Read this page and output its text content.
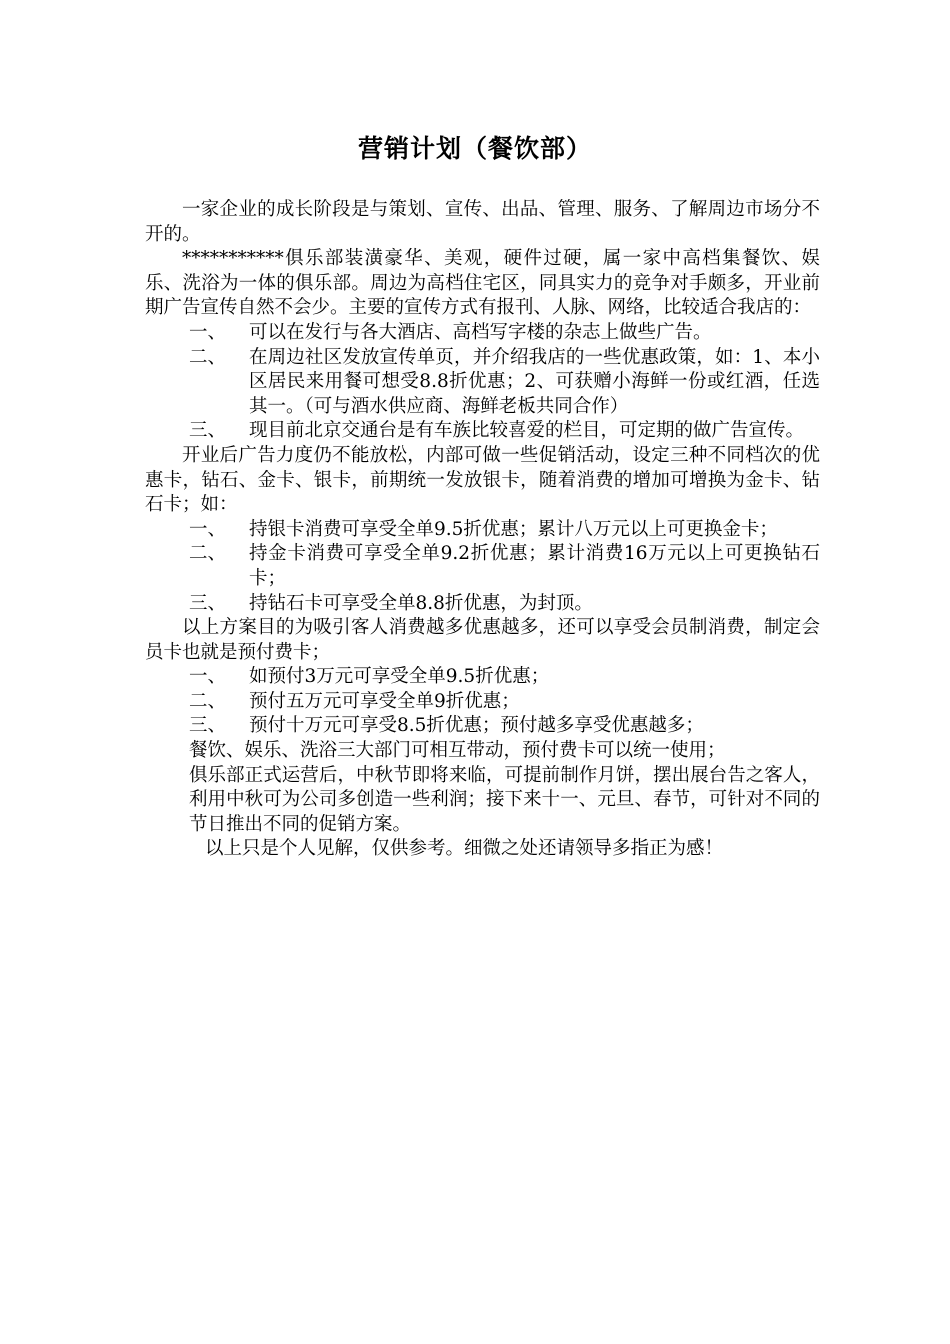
营销计划（餐饮部）

一家企业的成长阶段是与策划、宣传、出品、管理、服务、了解周边市场分不开的。

***********俱乐部装潢豪华、美观，硬件过硬，属一家中高档集餐饮、娱乐、洗浴为一体的俱乐部。周边为高档住宅区，同具实力的竞争对手颇多，开业前期广告宣传自然不会少。主要的宣传方式有报刊、人脉、网络，比较适合我店的：

一、	可以在发行与各大酒店、高档写字楼的杂志上做些广告。
二、	在周边社区发放宣传单页，并介绍我店的一些优惠政策，如：1、本小区居民来用餐可想受8.8折优惠；2、可获赠小海鲜一份或红酒，任选其一。（可与酒水供应商、海鲜老板共同合作）
三、	现目前北京交通台是有车族比较喜爱的栏目，可定期的做广告宣传。

开业后广告力度仍不能放松，内部可做一些促销活动，设定三种不同档次的优惠卡，钻石、金卡、银卡，前期统一发放银卡，随着消费的增加可增换为金卡、钻石卡；如：

一、	持银卡消费可享受全单9.5折优惠；累计八万元以上可更换金卡；
二、	持金卡消费可享受全单9.2折优惠；累计消费16万元以上可更换钻石卡；
三、	持钻石卡可享受全单8.8折优惠，为封顶。

以上方案目的为吸引客人消费越多优惠越多，还可以享受会员制消费，制定会员卡也就是预付费卡；

一、	如预付3万元可享受全单9.5折优惠；
二、	预付五万元可享受全单9折优惠；
三、	预付十万元可享受8.5折优惠；预付越多享受优惠越多；

餐饮、娱乐、洗浴三大部门可相互带动，预付费卡可以统一使用；

俱乐部正式运营后，中秋节即将来临，可提前制作月饼，摆出展台告之客人，利用中秋可为公司多创造一些利润；接下来十一、元旦、春节，可针对不同的节日推出不同的促销方案。

以上只是个人见解，仅供参考。细微之处还请领导多指正为感！
